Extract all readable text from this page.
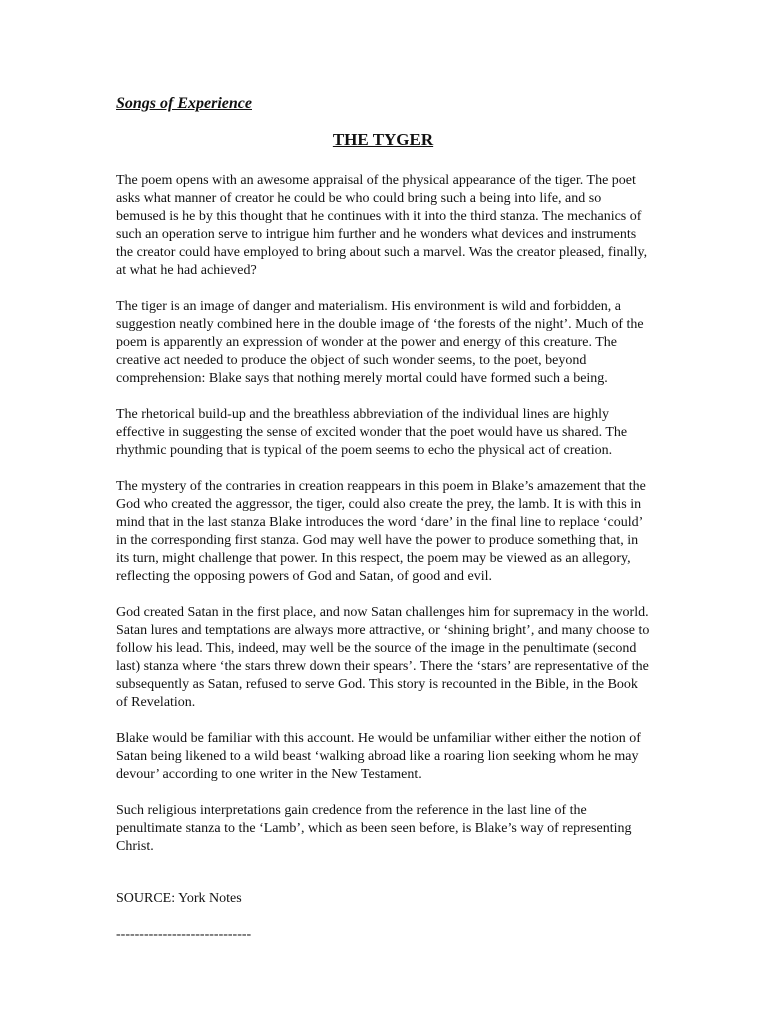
Songs of Experience

THE TYGER

The poem opens with an awesome appraisal of the physical appearance of the tiger. The poet asks what manner of creator he could be who could bring such a being into life, and so bemused is he by this thought that he continues with it into the third stanza. The mechanics of such an operation serve to intrigue him further and he wonders what devices and instruments the creator could have employed to bring about such a marvel. Was the creator pleased, finally, at what he had achieved?

The tiger is an image of danger and materialism. His environment is wild and forbidden, a suggestion neatly combined here in the double image of ‘the forests of the night’. Much of the poem is apparently an expression of wonder at the power and energy of this creature. The creative act needed to produce the object of such wonder seems, to the poet, beyond comprehension: Blake says that nothing merely mortal could have formed such a being.

The rhetorical build-up and the breathless abbreviation of the individual lines are highly effective in suggesting the sense of excited wonder that the poet would have us shared. The rhythmic pounding that is typical of the poem seems to echo the physical act of creation.

The mystery of the contraries in creation reappears in this poem in Blake’s amazement that the God who created the aggressor, the tiger, could also create the prey, the lamb. It is with this in mind that in the last stanza Blake introduces the word ‘dare’ in the final line to replace ‘could’ in the corresponding first stanza. God may well have the power to produce something that, in its turn, might challenge that power. In this respect, the poem may be viewed as an allegory, reflecting the opposing powers of God and Satan, of good and evil.

God created Satan in the first place, and now Satan challenges him for supremacy in the world. Satan lures and temptations are always more attractive, or ‘shining bright’, and many choose to follow his lead. This, indeed, may well be the source of the image in the penultimate (second last) stanza where ‘the stars threw down their spears’. There the ‘stars’ are representative of the subsequently as Satan, refused to serve God. This story is recounted in the Bible, in the Book of Revelation.

Blake would be familiar with this account. He would be unfamiliar wither either the notion of Satan being likened to a wild beast ‘walking abroad like a roaring lion seeking whom he may devour’ according to one writer in the New Testament.

Such religious interpretations gain credence from the reference in the last line of the penultimate stanza to the ‘Lamb’, which as been seen before, is Blake’s way of representing Christ.

SOURCE: York Notes

-----------------------------
